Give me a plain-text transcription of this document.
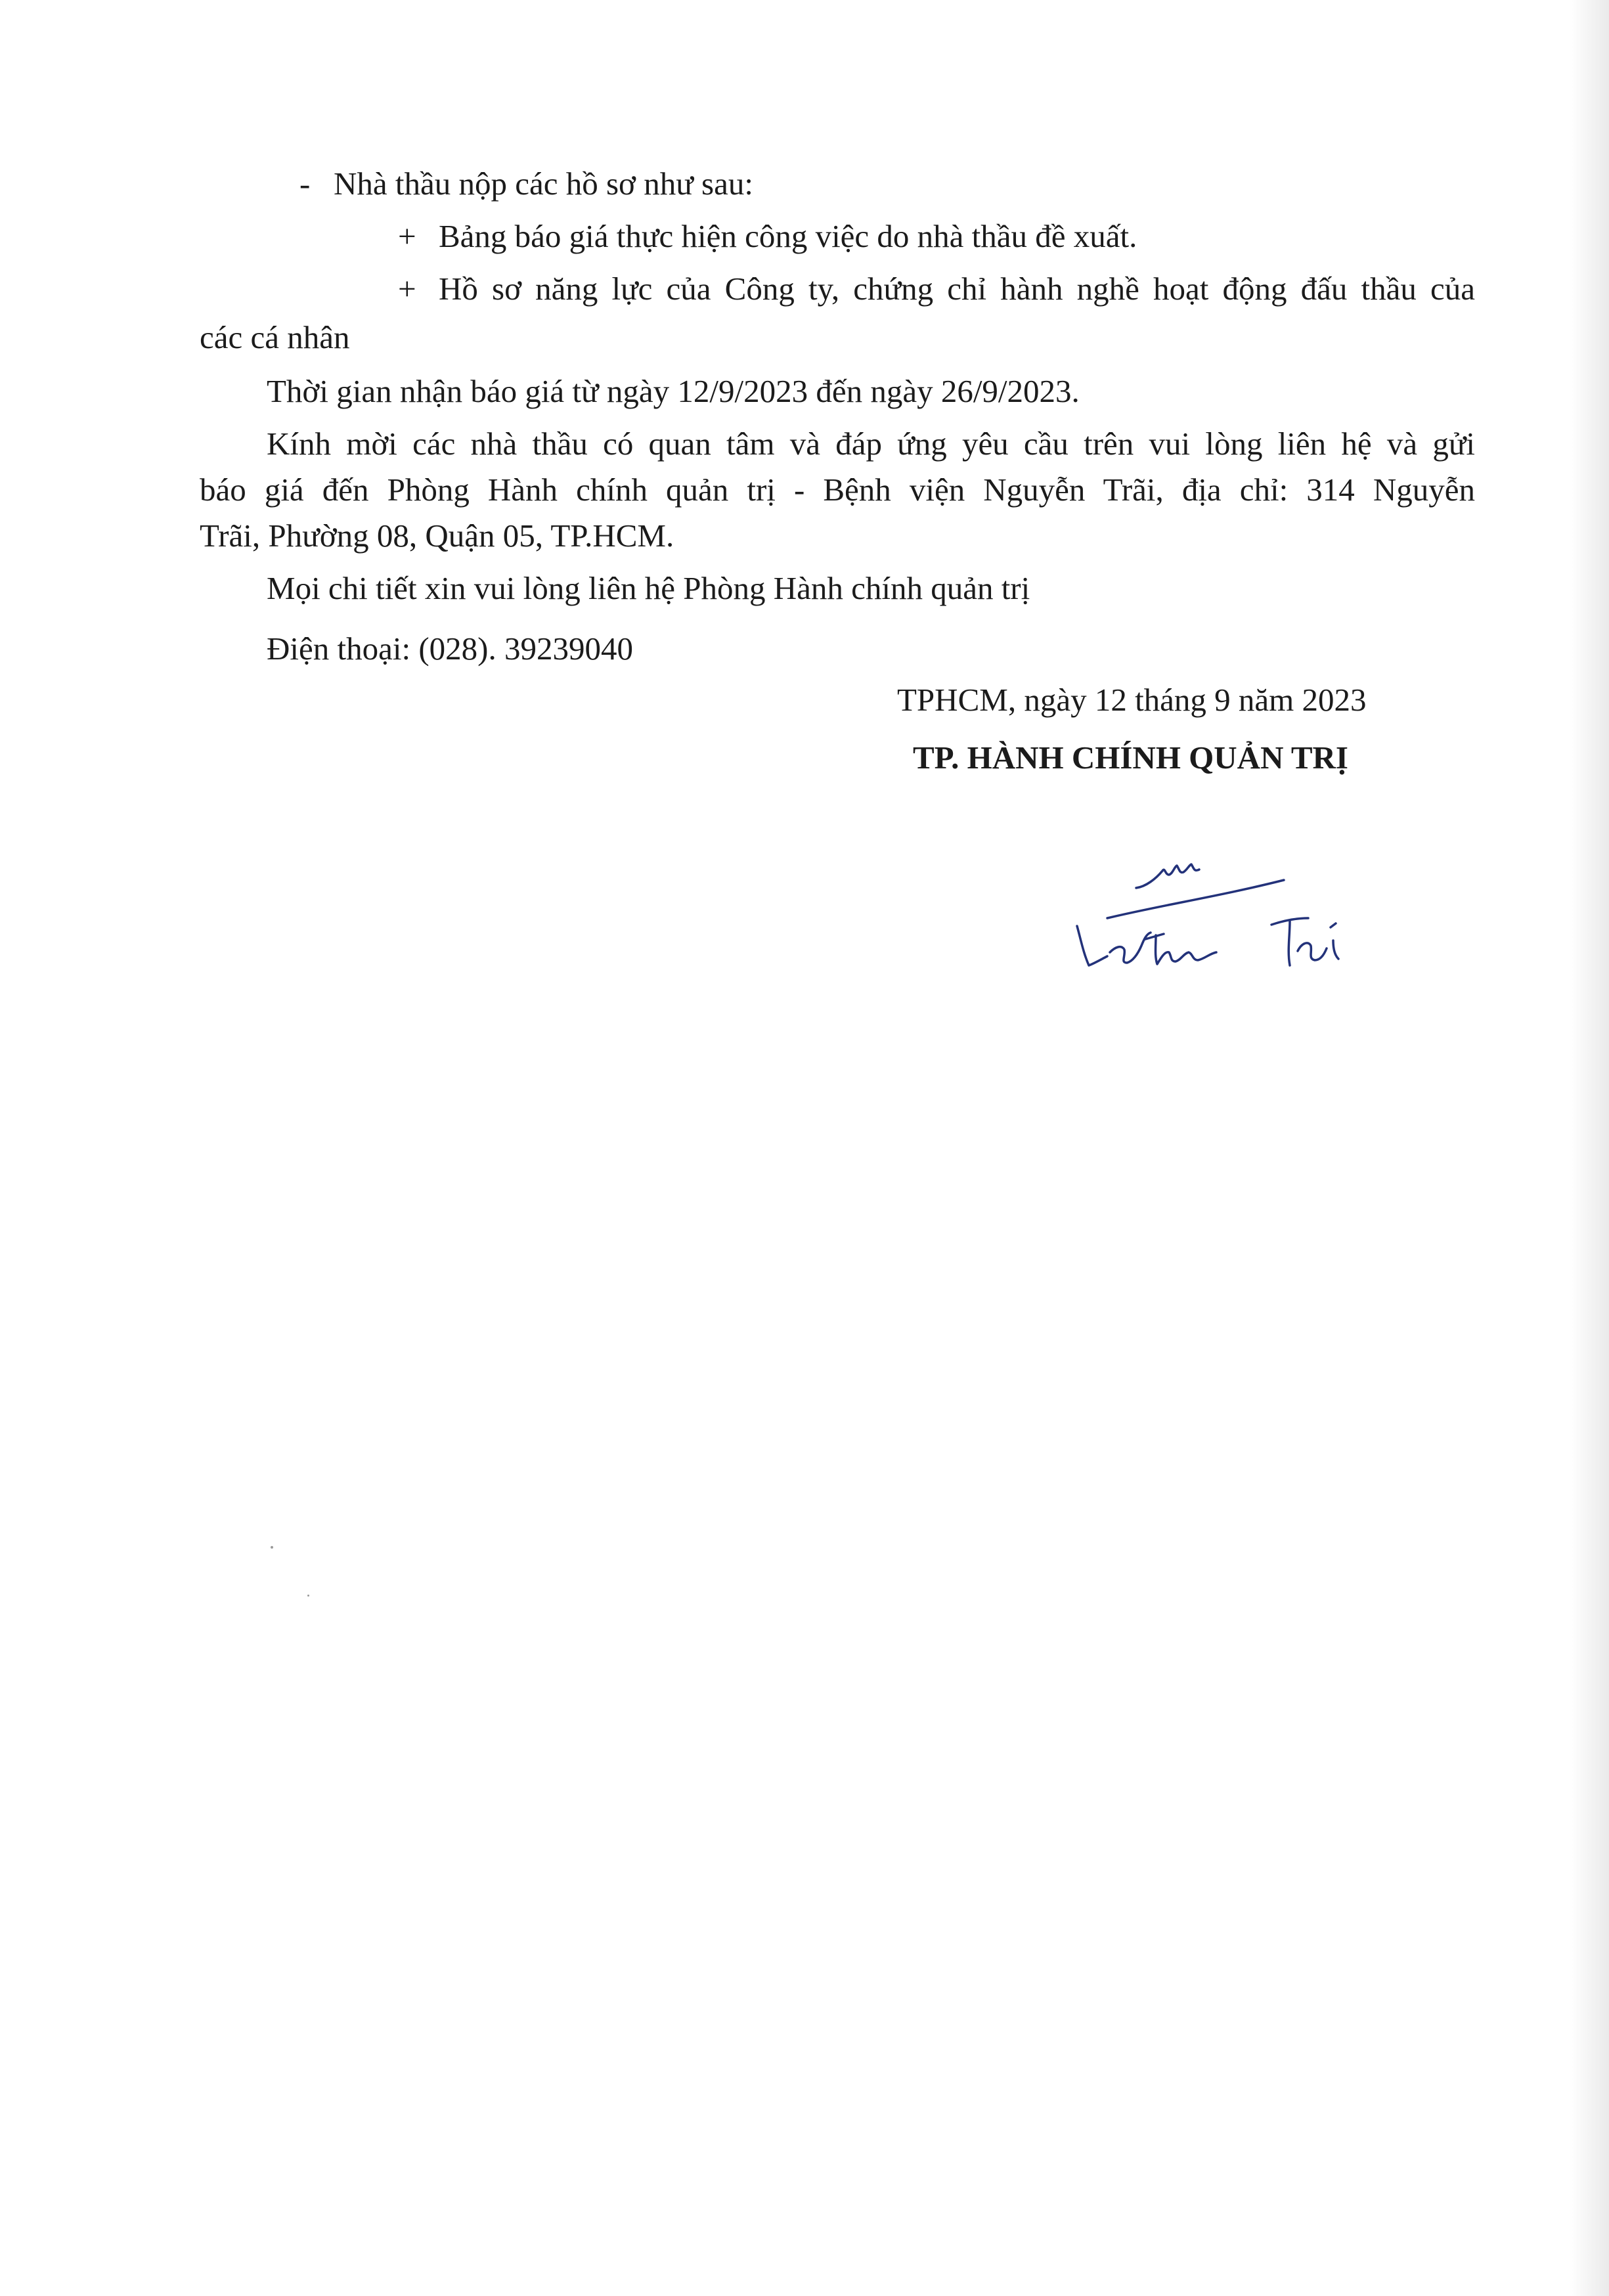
- Nhà thầu nộp các hồ sơ như sau:
+ Bảng báo giá thực hiện công việc do nhà thầu đề xuất.
+ Hồ sơ năng lực của Công ty, chứng chỉ hành nghề hoạt động đấu thầu của
các cá nhân
Thời gian nhận báo giá từ ngày 12/9/2023 đến ngày 26/9/2023.
Kính mời các nhà thầu có quan tâm và đáp ứng yêu cầu trên vui lòng liên hệ và gửi
báo giá đến Phòng Hành chính quản trị - Bệnh viện Nguyễn Trãi, địa chỉ: 314 Nguyễn
Trãi, Phường 08, Quận 05, TP.HCM.
Mọi chi tiết xin vui lòng liên hệ Phòng Hành chính quản trị
Điện thoại: (028). 39239040
TPHCM, ngày 12 tháng 9 năm 2023
TP. HÀNH CHÍNH QUẢN TRỊ
